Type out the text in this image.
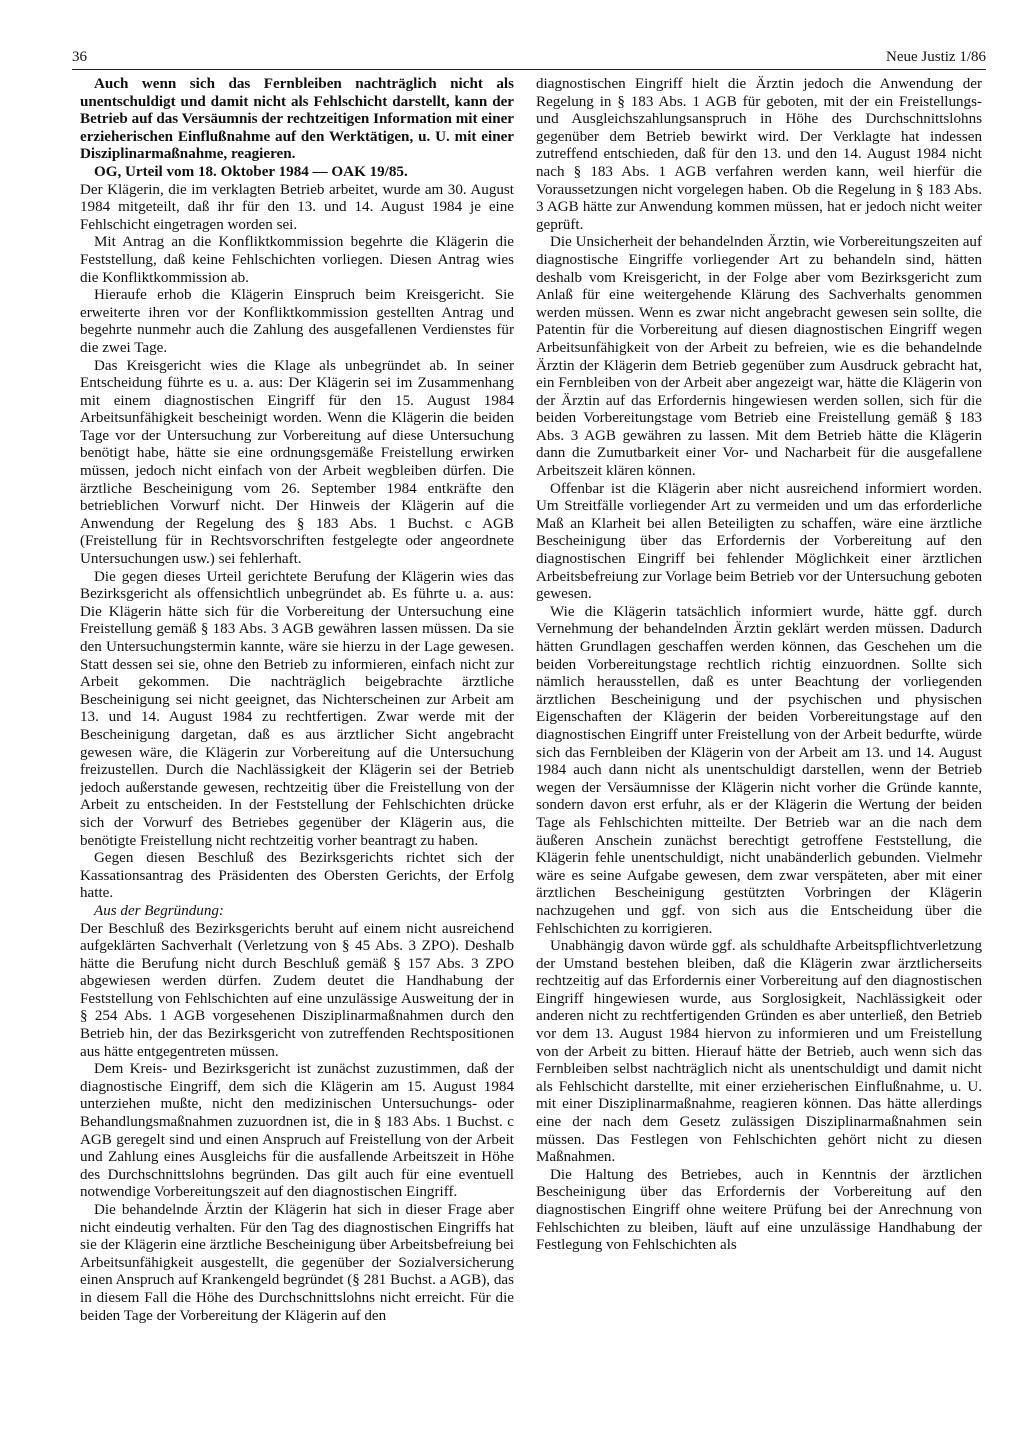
36	Neue Justiz 1/86

Auch wenn sich das Fernbleiben nachträglich nicht als unentschuldigt und damit nicht als Fehlschicht darstellt, kann der Betrieb auf das Versäumnis der rechtzeitigen Information mit einer erzieherischen Einflußnahme auf den Werktätigen, u. U. mit einer Disziplinarmaßnahme, reagieren.

OG, Urteil vom 18. Oktober 1984 — OAK 19/85.

Der Klägerin, die im verklagten Betrieb arbeitet, wurde am 30. August 1984 mitgeteilt, daß ihr für den 13. und 14. August 1984 je eine Fehlschicht eingetragen worden sei.

Mit Antrag an die Konfliktkommission begehrte die Klägerin die Feststellung, daß keine Fehlschichten vorliegen. Diesen Antrag wies die Konfliktkommission ab.

Hieraufe erhob die Klägerin Einspruch beim Kreisgericht. Sie erweiterte ihren vor der Konfliktkommission gestellten Antrag und begehrte nunmehr auch die Zahlung des ausgefallenen Verdienstes für die zwei Tage.

Das Kreisgericht wies die Klage als unbegründet ab. In seiner Entscheidung führte es u. a. aus: Der Klägerin sei im Zusammenhang mit einem diagnostischen Eingriff für den 15. August 1984 Arbeitsunfähigkeit bescheinigt worden. Wenn die Klägerin die beiden Tage vor der Untersuchung zur Vorbereitung auf diese Untersuchung benötigt habe, hätte sie eine ordnungsgemäße Freistellung erwirken müssen, jedoch nicht einfach von der Arbeit wegbleiben dürfen. Die ärztliche Bescheinigung vom 26. September 1984 entkräfte den betrieblichen Vorwurf nicht. Der Hinweis der Klägerin auf die Anwendung der Regelung des § 183 Abs. 1 Buchst. c AGB (Freistellung für in Rechtsvorschriften festgelegte oder angeordnete Untersuchungen usw.) sei fehlerhaft.

Die gegen dieses Urteil gerichtete Berufung der Klägerin wies das Bezirksgericht als offensichtlich unbegründet ab. Es führte u. a. aus: Die Klägerin hätte sich für die Vorbereitung der Untersuchung eine Freistellung gemäß § 183 Abs. 3 AGB gewähren lassen müssen. Da sie den Untersuchungstermin kannte, wäre sie hierzu in der Lage gewesen. Statt dessen sei sie, ohne den Betrieb zu informieren, einfach nicht zur Arbeit gekommen. Die nachträglich beigebrachte ärztliche Bescheinigung sei nicht geeignet, das Nichterscheinen zur Arbeit am 13. und 14. August 1984 zu rechtfertigen. Zwar werde mit der Bescheinigung dargetan, daß es aus ärztlicher Sicht angebracht gewesen wäre, die Klägerin zur Vorbereitung auf die Untersuchung freizustellen. Durch die Nachlässigkeit der Klägerin sei der Betrieb jedoch außerstande gewesen, rechtzeitig über die Freistellung von der Arbeit zu entscheiden. In der Feststellung der Fehlschichten drücke sich der Vorwurf des Betriebes gegenüber der Klägerin aus, die benötigte Freistellung nicht rechtzeitig vorher beantragt zu haben.

Gegen diesen Beschluß des Bezirksgerichts richtet sich der Kassationsantrag des Präsidenten des Obersten Gerichts, der Erfolg hatte.

Aus der Begründung:

Der Beschluß des Bezirksgerichts beruht auf einem nicht ausreichend aufgeklärten Sachverhalt (Verletzung von § 45 Abs. 3 ZPO). Deshalb hätte die Berufung nicht durch Beschluß gemäß § 157 Abs. 3 ZPO abgewiesen werden dürfen. Zudem deutet die Handhabung der Feststellung von Fehlschichten auf eine unzulässige Ausweitung der in § 254 Abs. 1 AGB vorgesehenen Disziplinarmaßnahmen durch den Betrieb hin, der das Bezirksgericht von zutreffenden Rechtspositionen aus hätte entgegentreten müssen.

Dem Kreis- und Bezirksgericht ist zunächst zuzustimmen, daß der diagnostische Eingriff, dem sich die Klägerin am 15. August 1984 unterziehen mußte, nicht den medizinischen Untersuchungs- oder Behandlungsmaßnahmen zuzuordnen ist, die in § 183 Abs. 1 Buchst. c AGB geregelt sind und einen Anspruch auf Freistellung von der Arbeit und Zahlung eines Ausgleichs für die ausfallende Arbeitszeit in Höhe des Durchschnittslohns begründen. Das gilt auch für eine eventuell notwendige Vorbereitungszeit auf den diagnostischen Eingriff.

Die behandelnde Ärztin der Klägerin hat sich in dieser Frage aber nicht eindeutig verhalten. Für den Tag des diagnostischen Eingriffs hat sie der Klägerin eine ärztliche Bescheinigung über Arbeitsbefreiung bei Arbeitsunfähigkeit ausgestellt, die gegenüber der Sozialversicherung einen Anspruch auf Krankengeld begründet (§ 281 Buchst. a AGB), das in diesem Fall die Höhe des Durchschnittslohns nicht erreicht. Für die beiden Tage der Vorbereitung der Klägerin auf den

diagnostischen Eingriff hielt die Ärztin jedoch die Anwendung der Regelung in § 183 Abs. 1 AGB für geboten, mit der ein Freistellungs- und Ausgleichszahlungsanspruch in Höhe des Durchschnittslohns gegenüber dem Betrieb bewirkt wird. Der Verklagte hat indessen zutreffend entschieden, daß für den 13. und den 14. August 1984 nicht nach § 183 Abs. 1 AGB verfahren werden kann, weil hierfür die Voraussetzungen nicht vorgelegen haben. Ob die Regelung in § 183 Abs. 3 AGB hätte zur Anwendung kommen müssen, hat er jedoch nicht weiter geprüft.

Die Unsicherheit der behandelnden Ärztin, wie Vorbereitungszeiten auf diagnostische Eingriffe vorliegender Art zu behandeln sind, hätten deshalb vom Kreisgericht, in der Folge aber vom Bezirksgericht zum Anlaß für eine weitergehende Klärung des Sachverhalts genommen werden müssen. Wenn es zwar nicht angebracht gewesen sein sollte, die Patentin für die Vorbereitung auf diesen diagnostischen Eingriff wegen Arbeitsunfähigkeit von der Arbeit zu befreien, wie es die behandelnde Ärztin der Klägerin dem Betrieb gegenüber zum Ausdruck gebracht hat, ein Fernbleiben von der Arbeit aber angezeigt war, hätte die Klägerin von der Ärztin auf das Erfordernis hingewiesen werden sollen, sich für die beiden Vorbereitungstage vom Betrieb eine Freistellung gemäß § 183 Abs. 3 AGB gewähren zu lassen. Mit dem Betrieb hätte die Klägerin dann die Zumutbarkeit einer Vor- und Nacharbeit für die ausgefallene Arbeitszeit klären können.

Offenbar ist die Klägerin aber nicht ausreichend informiert worden. Um Streitfälle vorliegender Art zu vermeiden und um das erforderliche Maß an Klarheit bei allen Beteiligten zu schaffen, wäre eine ärztliche Bescheinigung über das Erfordernis der Vorbereitung auf den diagnostischen Eingriff bei fehlender Möglichkeit einer ärztlichen Arbeitsbefreiung zur Vorlage beim Betrieb vor der Untersuchung geboten gewesen.

Wie die Klägerin tatsächlich informiert wurde, hätte ggf. durch Vernehmung der behandelnden Ärztin geklärt werden müssen. Dadurch hätten Grundlagen geschaffen werden können, das Geschehen um die beiden Vorbereitungstage rechtlich richtig einzuordnen. Sollte sich nämlich herausstellen, daß es unter Beachtung der vorliegenden ärztlichen Bescheinigung und der psychischen und physischen Eigenschaften der Klägerin der beiden Vorbereitungstage auf den diagnostischen Eingriff unter Freistellung von der Arbeit bedurfte, würde sich das Fernbleiben der Klägerin von der Arbeit am 13. und 14. August 1984 auch dann nicht als unentschuldigt darstellen, wenn der Betrieb wegen der Versäumnisse der Klägerin nicht vorher die Gründe kannte, sondern davon erst erfuhr, als er der Klägerin die Wertung der beiden Tage als Fehlschichten mitteilte. Der Betrieb war an die nach dem äußeren Anschein zunächst berechtigt getroffene Feststellung, die Klägerin fehle unentschuldigt, nicht unabänderlich gebunden. Vielmehr wäre es seine Aufgabe gewesen, dem zwar verspäteten, aber mit einer ärztlichen Bescheinigung gestützten Vorbringen der Klägerin nachzugehen und ggf. von sich aus die Entscheidung über die Fehlschichten zu korrigieren.

Unabhängig davon würde ggf. als schuldhafte Arbeitspflichtverletzung der Umstand bestehen bleiben, daß die Klägerin zwar ärztlicherseits rechtzeitig auf das Erfordernis einer Vorbereitung auf den diagnostischen Eingriff hingewiesen wurde, aus Sorglosigkeit, Nachlässigkeit oder anderen nicht zu rechtfertigenden Gründen es aber unterließ, den Betrieb vor dem 13. August 1984 hiervon zu informieren und um Freistellung von der Arbeit zu bitten. Hierauf hätte der Betrieb, auch wenn sich das Fernbleiben selbst nachträglich nicht als unentschuldigt und damit nicht als Fehlschicht darstellte, mit einer erzieherischen Einflußnahme, u. U. mit einer Disziplinarmaßnahme, reagieren können. Das hätte allerdings eine der nach dem Gesetz zulässigen Disziplinarmaßnahmen sein müssen. Das Festlegen von Fehlschichten gehört nicht zu diesen Maßnahmen.

Die Haltung des Betriebes, auch in Kenntnis der ärztlichen Bescheinigung über das Erfordernis der Vorbereitung auf den diagnostischen Eingriff ohne weitere Prüfung bei der Anrechnung von Fehlschichten zu bleiben, läuft auf eine unzulässige Handhabung der Festlegung von Fehlschichten als
